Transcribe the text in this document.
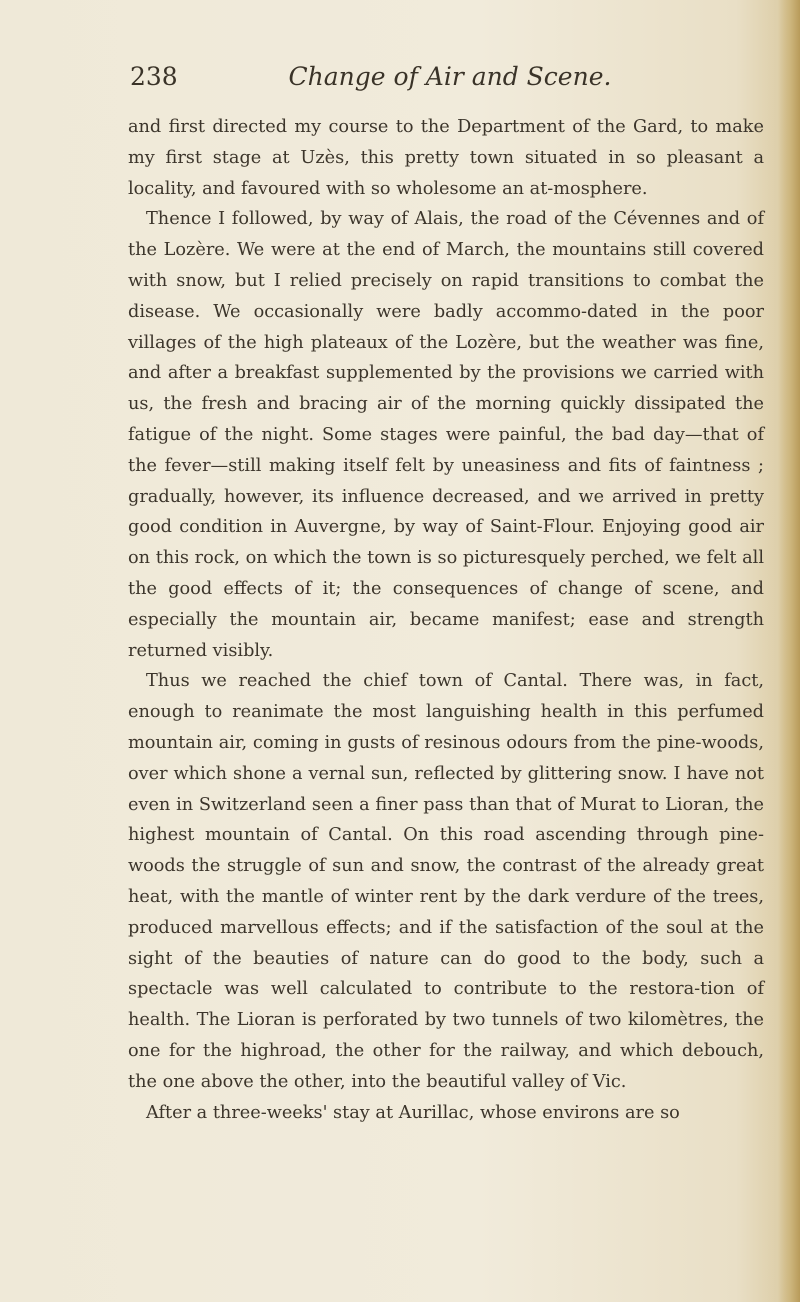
238	Change of Air and Scene.

and first directed my course to the Department of the Gard, to make my first stage at Uzès, this pretty town situated in so pleasant a locality, and favoured with so wholesome an at-mosphere.

Thence I followed, by way of Alais, the road of the Cévennes and of the Lozère. We were at the end of March, the mountains still covered with snow, but I relied precisely on rapid transitions to combat the disease. We occasionally were badly accommo-dated in the poor villages of the high plateaux of the Lozère, but the weather was fine, and after a breakfast supplemented by the provisions we carried with us, the fresh and bracing air of the morning quickly dissipated the fatigue of the night. Some stages were painful, the bad day—that of the fever—still making itself felt by uneasiness and fits of faintness ; gradually, however, its influence decreased, and we arrived in pretty good condition in Auvergne, by way of Saint-Flour. Enjoying good air on this rock, on which the town is so picturesquely perched, we felt all the good effects of it; the consequences of change of scene, and especially the mountain air, became manifest; ease and strength returned visibly.

Thus we reached the chief town of Cantal. There was, in fact, enough to reanimate the most languishing health in this perfumed mountain air, coming in gusts of resinous odours from the pine-woods, over which shone a vernal sun, reflected by glittering snow. I have not even in Switzerland seen a finer pass than that of Murat to Lioran, the highest mountain of Cantal. On this road ascending through pine-woods the struggle of sun and snow, the contrast of the already great heat, with the mantle of winter rent by the dark verdure of the trees, produced marvellous effects; and if the satisfaction of the soul at the sight of the beauties of nature can do good to the body, such a spectacle was well calculated to contribute to the restora-tion of health. The Lioran is perforated by two tunnels of two kilomètres, the one for the highroad, the other for the railway, and which debouch, the one above the other, into the beautiful valley of Vic.

After a three-weeks' stay at Aurillac, whose environs are so
